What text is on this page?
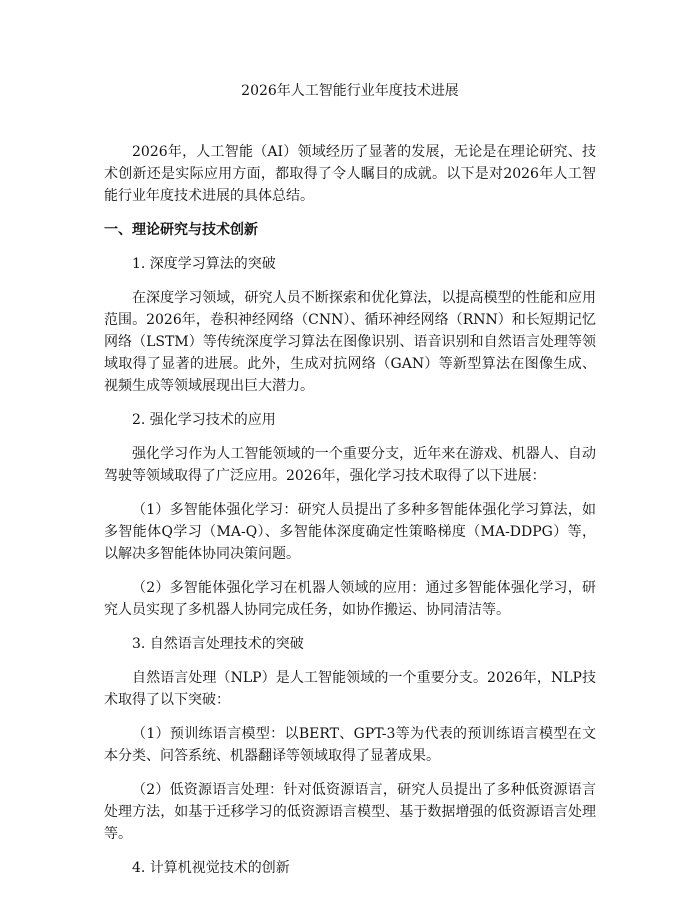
2026年人工智能行业年度技术进展

2026年，人工智能（AI）领域经历了显著的发展，无论是在理论研究、技术创新还是实际应用方面，都取得了令人瞩目的成就。以下是对2026年人工智能行业年度技术进展的具体总结。

一、理论研究与技术创新

1. 深度学习算法的突破

在深度学习领域，研究人员不断探索和优化算法，以提高模型的性能和应用范围。2026年，卷积神经网络（CNN）、循环神经网络（RNN）和长短期记忆网络（LSTM）等传统深度学习算法在图像识别、语音识别和自然语言处理等领域取得了显著的进展。此外，生成对抗网络（GAN）等新型算法在图像生成、视频生成等领域展现出巨大潜力。

2. 强化学习技术的应用

强化学习作为人工智能领域的一个重要分支，近年来在游戏、机器人、自动驾驶等领域取得了广泛应用。2026年，强化学习技术取得了以下进展：

（1）多智能体强化学习：研究人员提出了多种多智能体强化学习算法，如多智能体Q学习（MA-Q）、多智能体深度确定性策略梯度（MA-DDPG）等，以解决多智能体协同决策问题。

（2）多智能体强化学习在机器人领域的应用：通过多智能体强化学习，研究人员实现了多机器人协同完成任务，如协作搬运、协同清洁等。

3. 自然语言处理技术的突破

自然语言处理（NLP）是人工智能领域的一个重要分支。2026年，NLP技术取得了以下突破：

（1）预训练语言模型：以BERT、GPT-3等为代表的预训练语言模型在文本分类、问答系统、机器翻译等领域取得了显著成果。

（2）低资源语言处理：针对低资源语言，研究人员提出了多种低资源语言处理方法，如基于迁移学习的低资源语言模型、基于数据增强的低资源语言处理等。

4. 计算机视觉技术的创新
